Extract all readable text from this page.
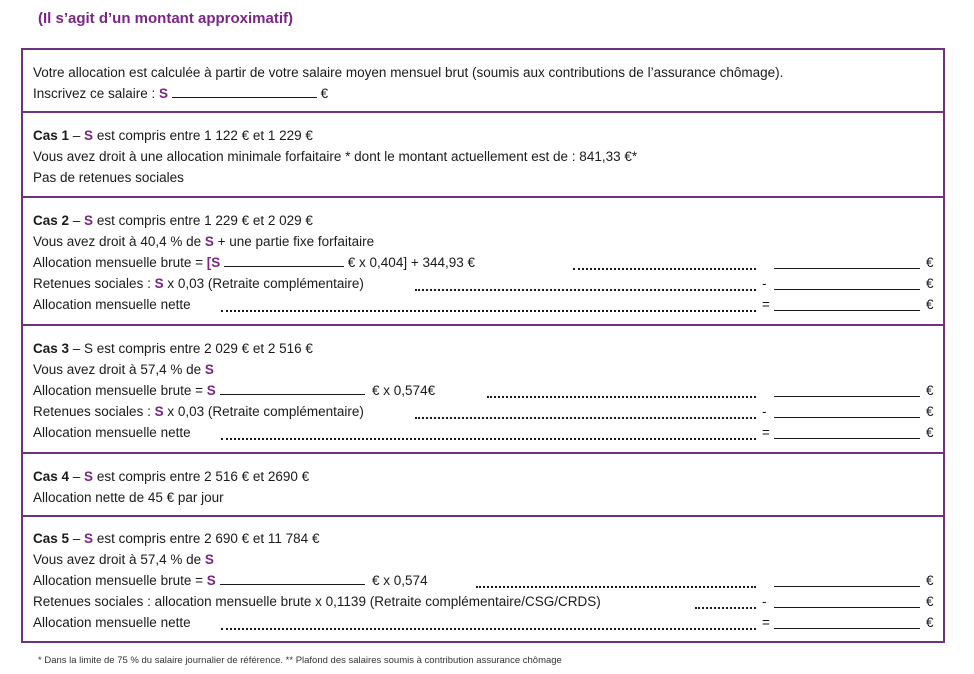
(Il s’agit d’un montant approximatif)
Votre allocation est calculée à partir de votre salaire moyen mensuel brut (soumis aux contributions de l’assurance chômage).
Inscrivez ce salaire : S	€
Cas 1 – S est compris entre 1 122 € et 1 229 €
Vous avez droit à une allocation minimale forfaitaire * dont le montant actuellement est de : 841,33 €*
Pas de retenues sociales
Cas 2 – S est compris entre 1 229 € et 2 029 €
Vous avez droit à 40,4 % de S + une partie fixe forfaitaire
Allocation mensuelle brute = [S	€ x 0,404] + 344,93 €	€
Retenues sociales : S x 0,03 (Retraite complémentaire)	-	€
Allocation mensuelle nette	=	€
Cas 3 – S est compris entre 2 029 € et 2 516 €
Vous avez droit à 57,4 % de S
Allocation mensuelle brute = S	€ x 0,574€	€
Retenues sociales : S x 0,03 (Retraite complémentaire)	-	€
Allocation mensuelle nette	=	€
Cas 4 – S est compris entre 2 516 € et 2690 €
Allocation nette de 45 € par jour
Cas 5 – S est compris entre 2 690 € et 11 784 €
Vous avez droit à 57,4 % de S
Allocation mensuelle brute = S	€ x 0,574	€
Retenues sociales : allocation mensuelle brute x 0,1139 (Retraite complémentaire/CSG/CRDS)	-	€
Allocation mensuelle nette	=	€
* Dans la limite de 75 % du salaire journalier de référence. ** Plafond des salaires soumis à contribution assurance chômage
